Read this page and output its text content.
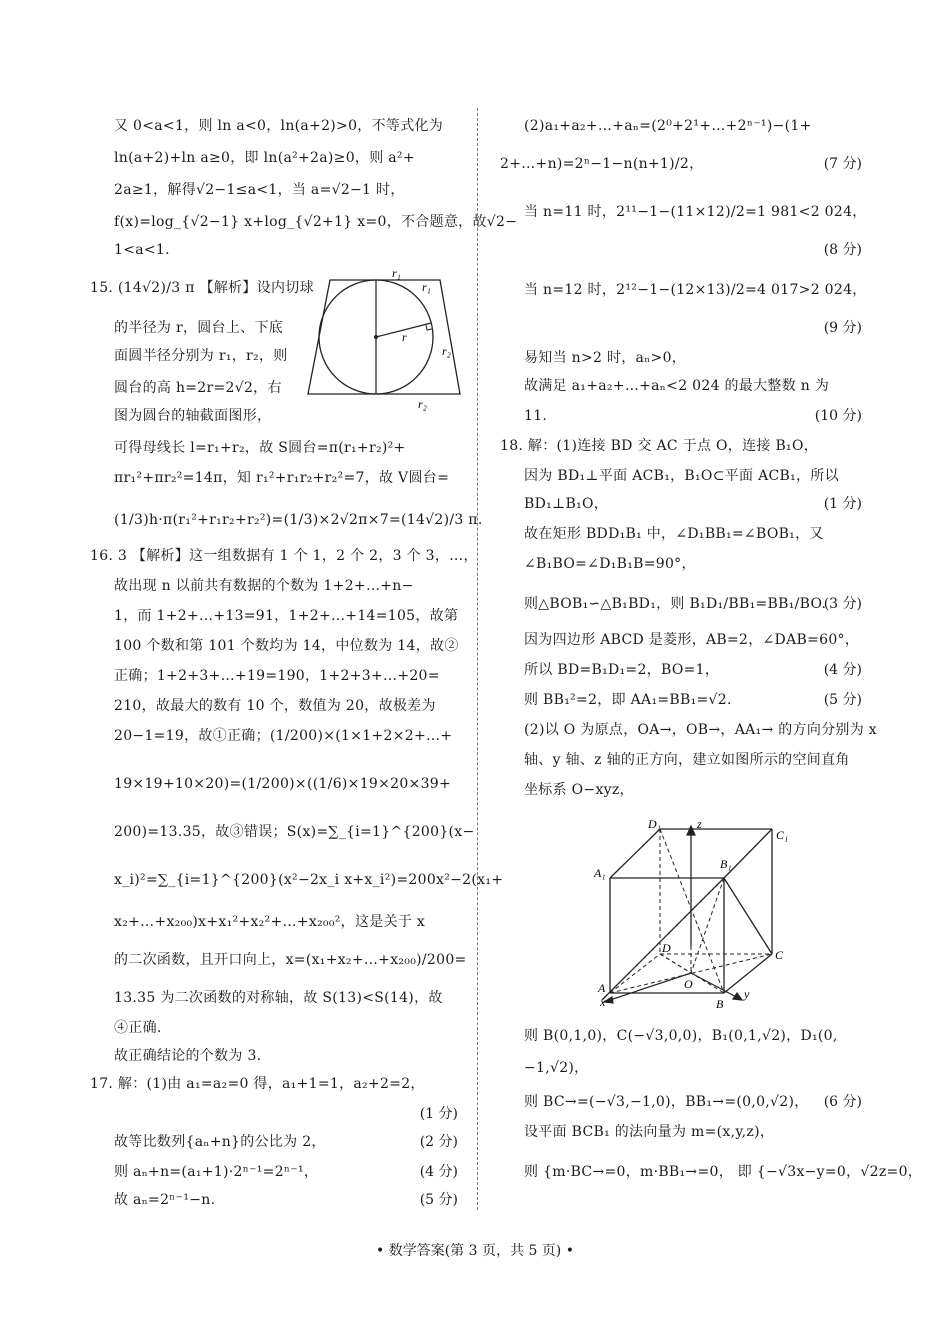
又 0<a<1，则 ln a<0，ln(a+2)>0，不等式化为
ln(a+2)+ln a≥0，即 ln(a²+2a)≥0，则 a²+
2a≥1，解得√2−1≤a<1，当 a=√2−1 时，
f(x)=log_{√2−1} x+log_{√2+1} x=0，不合题意，故√2−
1<a<1.
15. (14√2)/3 π 【解析】设内切球
的半径为 r，圆台上、下底
面圆半径分别为 r₁，r₂，则
圆台的高 h=2r=2√2，右
图为圆台的轴截面图形，
可得母线长 l=r₁+r₂，故 S圆台=π(r₁+r₂)²+
πr₁²+πr₂²=14π，知 r₁²+r₁r₂+r₂²=7，故 V圆台=
(1/3)h·π(r₁²+r₁r₂+r₂²)=(1/3)×2√2π×7=(14√2)/3 π.
16. 3 【解析】这一组数据有 1 个 1，2 个 2，3 个 3，…，
故出现 n 以前共有数据的个数为 1+2+…+n−
1，而 1+2+…+13=91，1+2+…+14=105，故第
100 个数和第 101 个数均为 14，中位数为 14，故②
正确；1+2+3+…+19=190，1+2+3+…+20=
210，故最大的数有 10 个，数值为 20，故极差为
20−1=19，故①正确；(1/200)×(1×1+2×2+…+
19×19+10×20)=(1/200)×((1/6)×19×20×39+
200)=13.35，故③错误；S(x)=∑_{i=1}^{200}(x−
x_i)²=∑_{i=1}^{200}(x²−2x_i x+x_i²)=200x²−2(x₁+
x₂+…+x₂₀₀)x+x₁²+x₂²+…+x₂₀₀²，这是关于 x
的二次函数，且开口向上，x=(x₁+x₂+…+x₂₀₀)/200=
13.35 为二次函数的对称轴，故 S(13)<S(14)，故
④正确.
故正确结论的个数为 3.
17. 解：(1)由 a₁=a₂=0 得，a₁+1=1，a₂+2=2，
故等比数列{aₙ+n}的公比为 2，
则 aₙ+n=(a₁+1)·2ⁿ⁻¹=2ⁿ⁻¹，
故 aₙ=2ⁿ⁻¹−n.
(1 分)
(2 分)
(4 分)
(5 分)
(2)a₁+a₂+…+aₙ=(2⁰+2¹+…+2ⁿ⁻¹)−(1+
2+…+n)=2ⁿ−1−n(n+1)/2，
当 n=11 时，2¹¹−1−(11×12)/2=1 981<2 024，
当 n=12 时，2¹²−1−(12×13)/2=4 017>2 024，
易知当 n>2 时，aₙ>0，
故满足 a₁+a₂+…+aₙ<2 024 的最大整数 n 为
11.
18. 解：(1)连接 BD 交 AC 于点 O，连接 B₁O，
因为 BD₁⊥平面 ACB₁，B₁O⊂平面 ACB₁，所以
BD₁⊥B₁O，
故在矩形 BDD₁B₁ 中，∠D₁BB₁=∠BOB₁，又
∠B₁BO=∠D₁B₁B=90°，
则△BOB₁∽△B₁BD₁，则 B₁D₁/BB₁=BB₁/BO.
因为四边形 ABCD 是菱形，AB=2，∠DAB=60°，
所以 BD=B₁D₁=2，BO=1，
则 BB₁²=2，即 AA₁=BB₁=√2.
(2)以 O 为原点，OA→，OB→，AA₁→ 的方向分别为 x
轴、y 轴、z 轴的正方向，建立如图所示的空间直角
坐标系 O−xyz，
则 B(0,1,0)，C(−√3,0,0)，B₁(0,1,√2)，D₁(0,
−1,√2)，
则 BC→=(−√3,−1,0)，BB₁→=(0,0,√2)，
设平面 BCB₁ 的法向量为 m=(x,y,z)，
则 {m·BC→=0，m·BB₁→=0， 即 {−√3x−y=0，√2z=0，
(7 分)
(8 分)
(9 分)
(10 分)
(1 分)
(3 分)
(4 分)
(5 分)
(6 分)
r₁
r₁
r
r₂
r₂
D₁	z
C₁
A₁
B₁
D	C
A
x
O
B
y
• 数学答案(第 3 页，共 5 页) •
